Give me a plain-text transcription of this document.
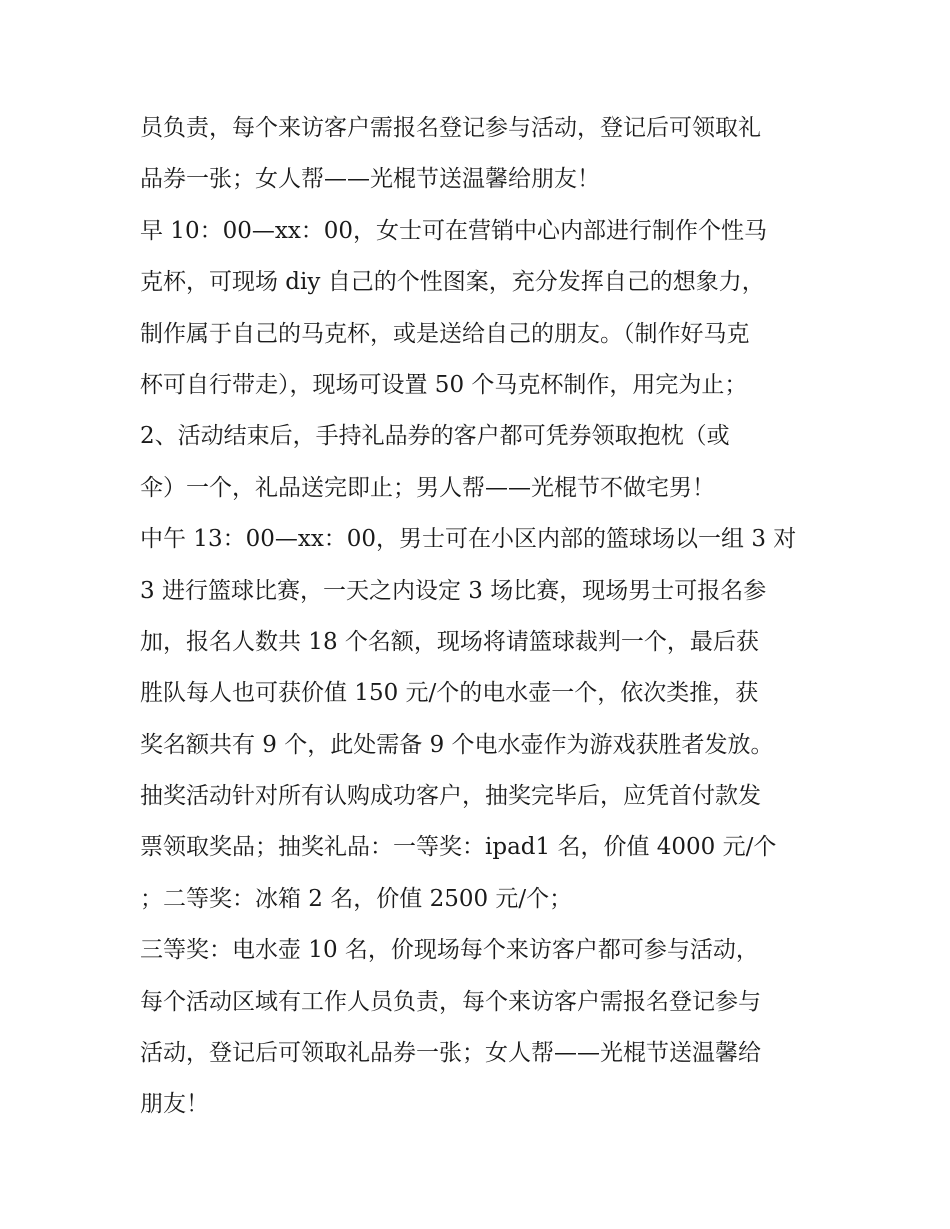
员负责，每个来访客户需报名登记参与活动，登记后可领取礼
品券一张；女人帮——光棍节送温馨给朋友！
早 10：00—xx：00，女士可在营销中心内部进行制作个性马
克杯，可现场 diy 自己的个性图案，充分发挥自己的想象力，
制作属于自己的马克杯，或是送给自己的朋友。（制作好马克
杯可自行带走），现场可设置 50 个马克杯制作，用完为止；
2、活动结束后，手持礼品券的客户都可凭券领取抱枕（或
伞）一个，礼品送完即止；男人帮——光棍节不做宅男！
中午 13：00—xx：00，男士可在小区内部的篮球场以一组 3 对
3 进行篮球比赛，一天之内设定 3 场比赛，现场男士可报名参
加，报名人数共 18 个名额，现场将请篮球裁判一个，最后获
胜队每人也可获价值 150 元/个的电水壶一个，依次类推，获
奖名额共有 9 个，此处需备 9 个电水壶作为游戏获胜者发放。
抽奖活动针对所有认购成功客户，抽奖完毕后，应凭首付款发
票领取奖品；抽奖礼品：一等奖：ipad1 名，价值 4000 元/个
；二等奖：冰箱 2 名，价值 2500 元/个；
三等奖：电水壶 10 名，价现场每个来访客户都可参与活动，
每个活动区域有工作人员负责，每个来访客户需报名登记参与
活动，登记后可领取礼品券一张；女人帮——光棍节送温馨给
朋友！
